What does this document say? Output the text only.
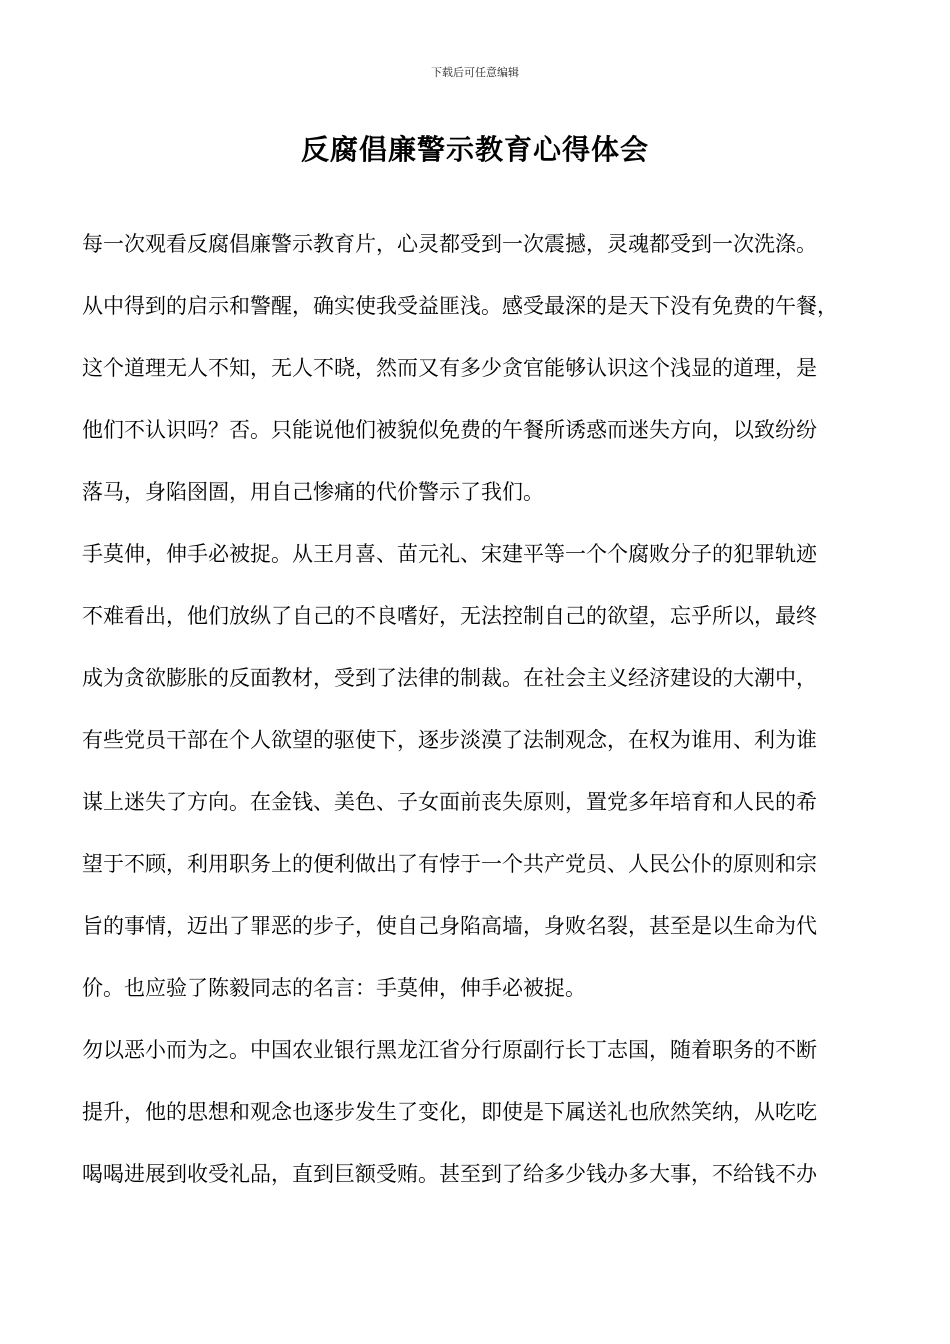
下载后可任意编辑
反腐倡廉警示教育心得体会
每一次观看反腐倡廉警示教育片，心灵都受到一次震撼，灵魂都受到一次洗涤。
从中得到的启示和警醒，确实使我受益匪浅。感受最深的是天下没有免费的午餐，
这个道理无人不知，无人不晓，然而又有多少贪官能够认识这个浅显的道理，是
他们不认识吗？否。只能说他们被貌似免费的午餐所诱惑而迷失方向，以致纷纷
落马，身陷囹圄，用自己惨痛的代价警示了我们。
手莫伸，伸手必被捉。从王月喜、苗元礼、宋建平等一个个腐败分子的犯罪轨迹
不难看出，他们放纵了自己的不良嗜好，无法控制自己的欲望，忘乎所以，最终
成为贪欲膨胀的反面教材，受到了法律的制裁。在社会主义经济建设的大潮中，
有些党员干部在个人欲望的驱使下，逐步淡漠了法制观念，在权为谁用、利为谁
谋上迷失了方向。在金钱、美色、子女面前丧失原则，置党多年培育和人民的希
望于不顾，利用职务上的便利做出了有悖于一个共产党员、人民公仆的原则和宗
旨的事情，迈出了罪恶的步子，使自己身陷高墙，身败名裂，甚至是以生命为代
价。也应验了陈毅同志的名言：手莫伸，伸手必被捉。
勿以恶小而为之。中国农业银行黑龙江省分行原副行长丁志国，随着职务的不断
提升，他的思想和观念也逐步发生了变化，即使是下属送礼也欣然笑纳，从吃吃
喝喝进展到收受礼品，直到巨额受贿。甚至到了给多少钱办多大事，不给钱不办
